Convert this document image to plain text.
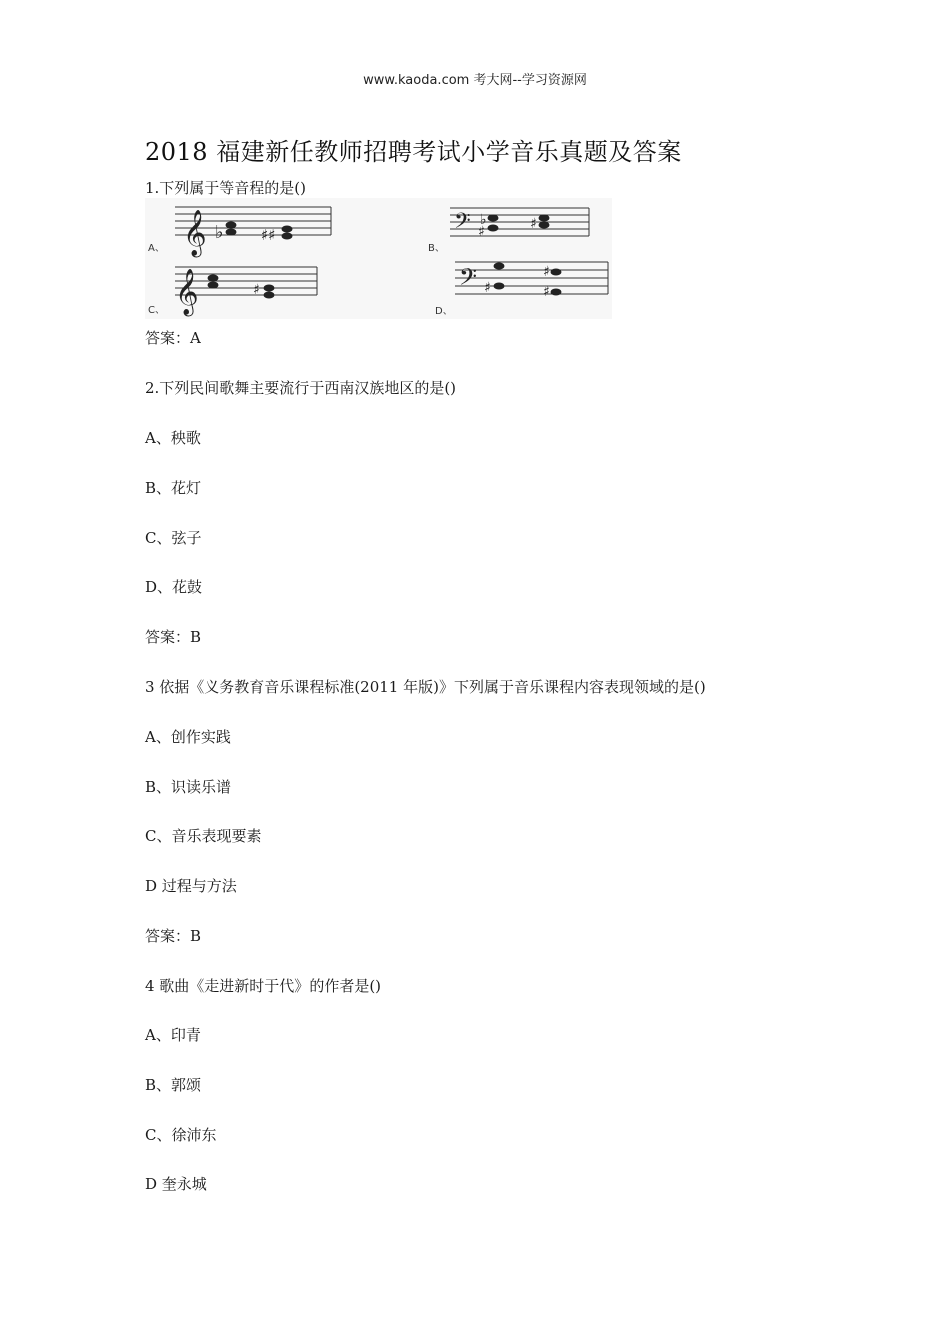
www.kaoda.com 考大网--学习资源网
2018 福建新任教师招聘考试小学音乐真题及答案
1.下列属于等音程的是()
𝄞 ♭	♯♯	𝄢 ♭
♯	♯
𝄞	♯	𝄢 ♯
♯
♯
A、	B、
C、	D、
答案：A
2.下列民间歌舞主要流行于西南汉族地区的是()
A、秧歌
B、花灯
C、弦子
D、花鼓
答案：B
3 依据《义务教育音乐课程标准(2011 年版)》下列属于音乐课程内容表现领域的是()
A、创作实践
B、识读乐谱
C、音乐表现要素
D 过程与方法
答案：B
4 歌曲《走进新时于代》的作者是()
A、印青
B、郭颂
C、徐沛东
D 奎永城
